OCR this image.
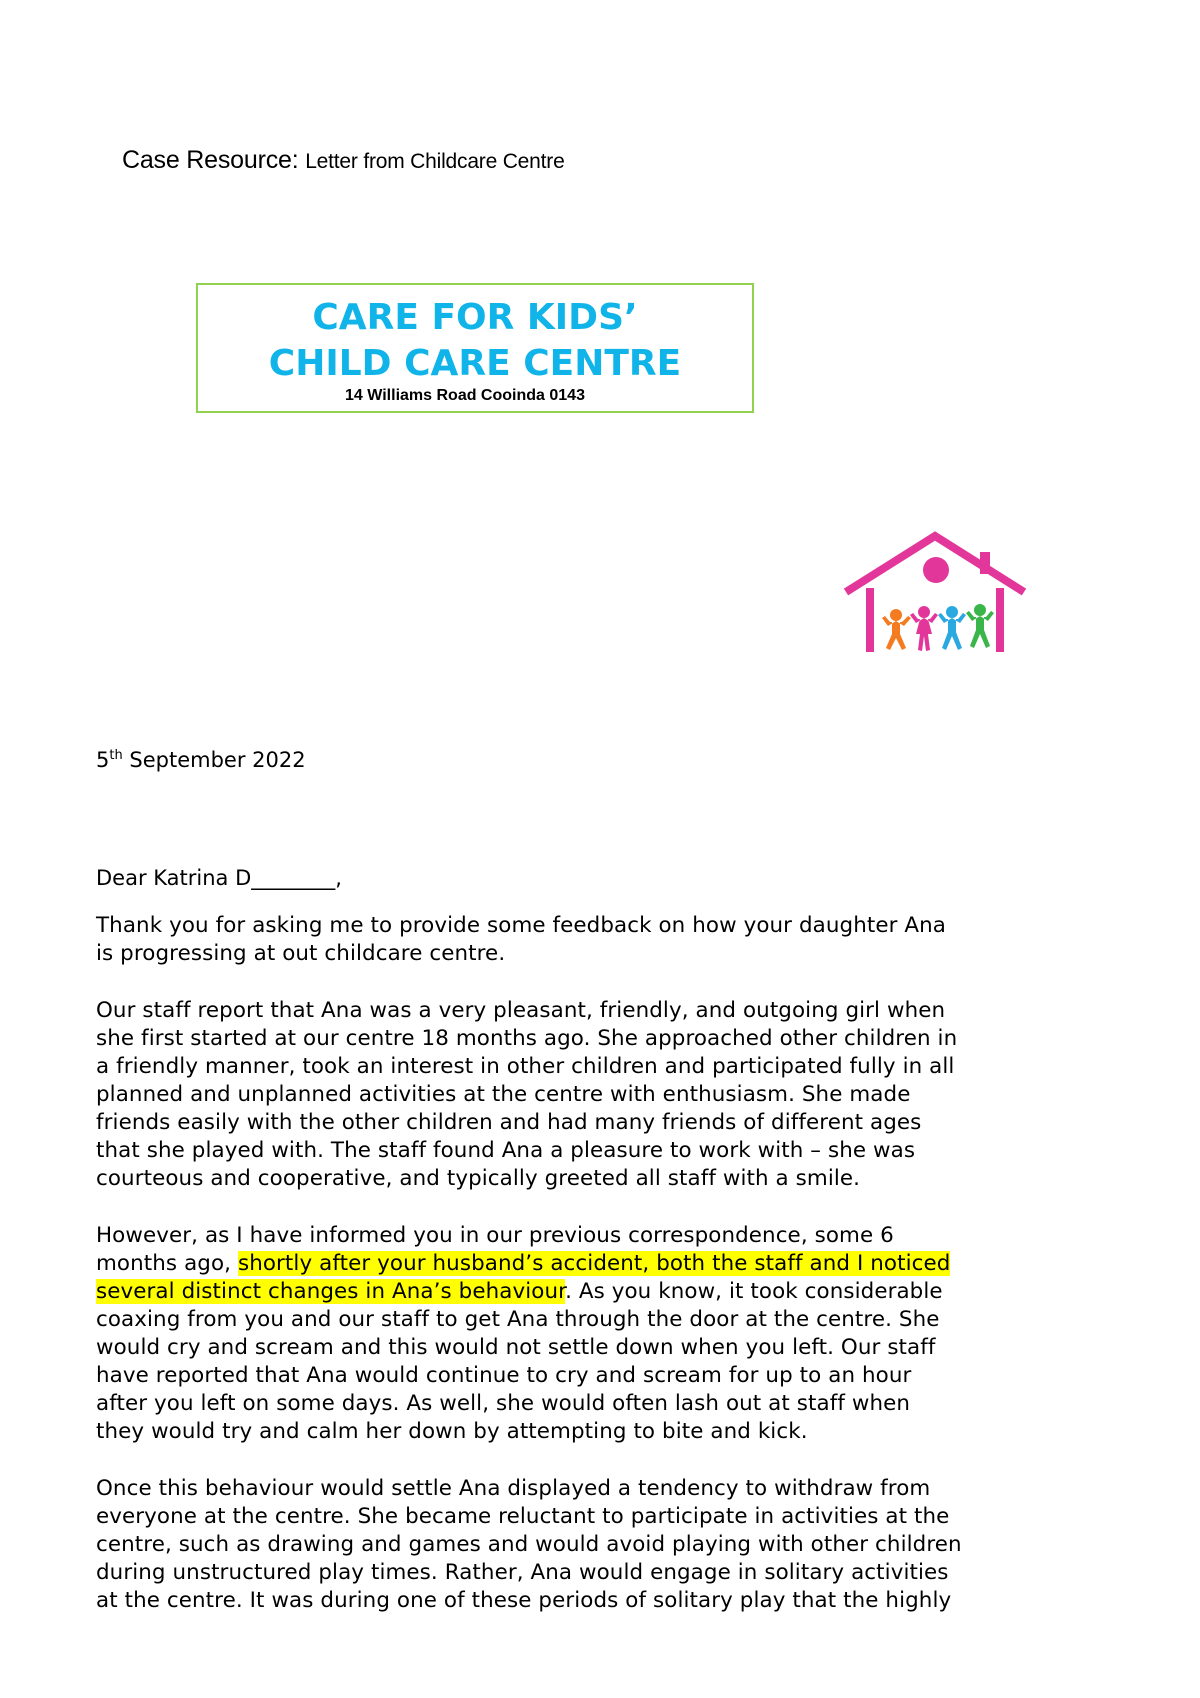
Case Resource: Letter from Childcare Centre
CARE FOR KIDS’
CHILD CARE CENTRE
14 Williams Road Cooinda 0143
5th September 2022
Dear Katrina D________,
Thank you for asking me to provide some feedback on how your daughter Ana
is progressing at out childcare centre.
Our staff report that Ana was a very pleasant, friendly, and outgoing girl when
she first started at our centre 18 months ago. She approached other children in
a friendly manner, took an interest in other children and participated fully in all
planned and unplanned activities at the centre with enthusiasm. She made
friends easily with the other children and had many friends of different ages
that she played with. The staff found Ana a pleasure to work with – she was
courteous and cooperative, and typically greeted all staff with a smile.
However, as I have informed you in our previous correspondence, some 6
months ago, shortly after your husband’s accident, both the staff and I noticed
several distinct changes in Ana’s behaviour. As you know, it took considerable
coaxing from you and our staff to get Ana through the door at the centre. She
would cry and scream and this would not settle down when you left. Our staff
have reported that Ana would continue to cry and scream for up to an hour
after you left on some days. As well, she would often lash out at staff when
they would try and calm her down by attempting to bite and kick.
Once this behaviour would settle Ana displayed a tendency to withdraw from
everyone at the centre. She became reluctant to participate in activities at the
centre, such as drawing and games and would avoid playing with other children
during unstructured play times. Rather, Ana would engage in solitary activities
at the centre. It was during one of these periods of solitary play that the highly
